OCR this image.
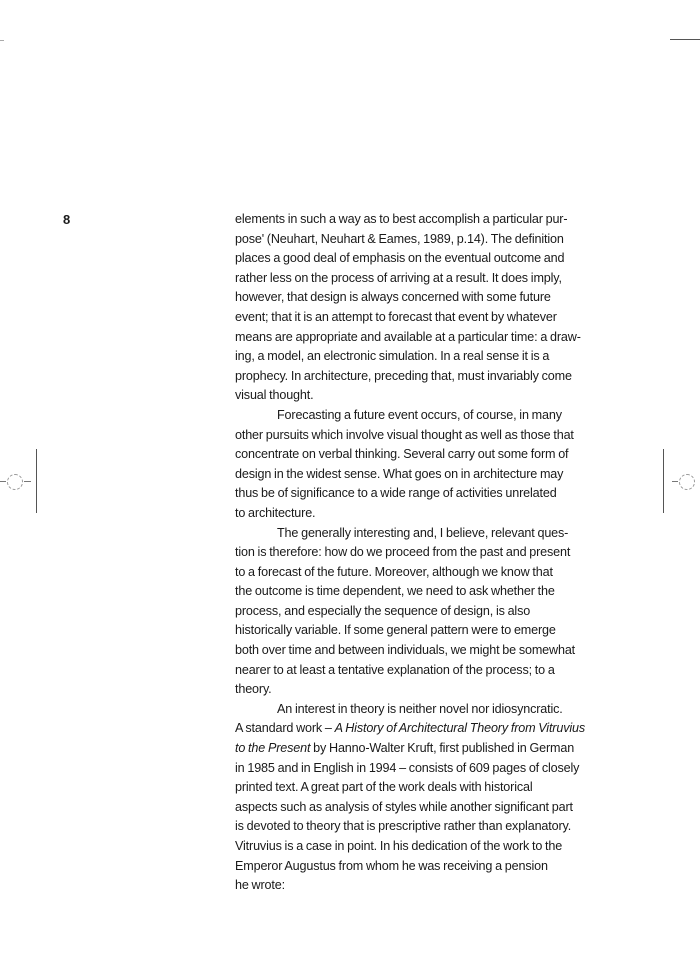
8	elements in such a way as to best accomplish a particular pur-
pose' (Neuhart, Neuhart & Eames, 1989, p.14). The definition
places a good deal of emphasis on the eventual outcome and
rather less on the process of arriving at a result. It does imply,
however, that design is always concerned with some future
event; that it is an attempt to forecast that event by whatever
means are appropriate and available at a particular time: a draw-
ing, a model, an electronic simulation. In a real sense it is a
prophecy. In architecture, preceding that, must invariably come
visual thought.
Forecasting a future event occurs, of course, in many
other pursuits which involve visual thought as well as those that
concentrate on verbal thinking. Several carry out some form of
design in the widest sense. What goes on in architecture may
thus be of significance to a wide range of activities unrelated
to architecture.
The generally interesting and, I believe, relevant ques-
tion is therefore: how do we proceed from the past and present
to a forecast of the future. Moreover, although we know that
the outcome is time dependent, we need to ask whether the
process, and especially the sequence of design, is also
historically variable. If some general pattern were to emerge
both over time and between individuals, we might be somewhat
nearer to at least a tentative explanation of the process; to a
theory.
An interest in theory is neither novel nor idiosyncratic.
A standard work – A History of Architectural Theory from Vitruvius
to the Present by Hanno-Walter Kruft, first published in German
in 1985 and in English in 1994 – consists of 609 pages of closely
printed text. A great part of the work deals with historical
aspects such as analysis of styles while another significant part
is devoted to theory that is prescriptive rather than explanatory.
Vitruvius is a case in point. In his dedication of the work to the
Emperor Augustus from whom he was receiving a pension
he wrote:
